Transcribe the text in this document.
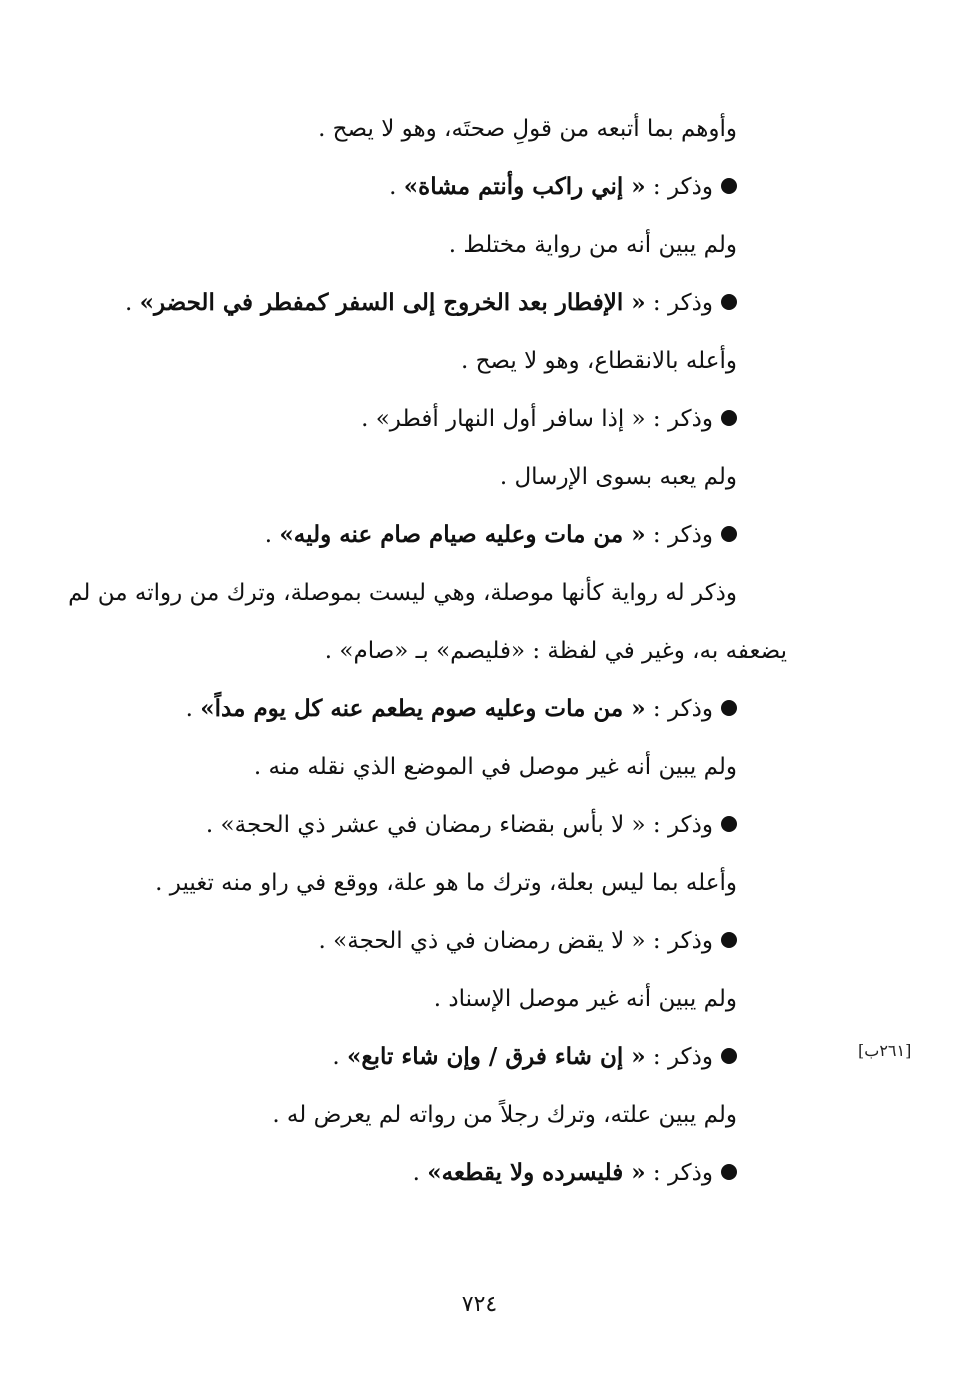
وأوهم بما أتبعه من قولِ صحتَه، وهو لا يصح .
وذكر : « إني راكب وأنتم مشاة» .
ولم يبين أنه من رواية مختلط .
وذكر : « الإفطار بعد الخروج إلى السفر كمفطر في الحضر» .
وأعله بالانقطاع، وهو لا يصح .
وذكر : « إذا سافر أول النهار أفطر» .
ولم يعبه بسوى الإرسال .
وذكر : « من مات وعليه صيام صام عنه وليه» .
وذكر له رواية كأنها موصلة، وهي ليست بموصلة، وترك من رواته من لم
يضعفه به، وغير في لفظة : «فليصم» بـ «صام» .
وذكر : « من مات وعليه صوم يطعم عنه كل يوم مداً» .
ولم يبين أنه غير موصل في الموضع الذي نقله منه .
وذكر : « لا بأس بقضاء رمضان في عشر ذي الحجة» .
وأعله بما ليس بعلة، وترك ما هو علة، ووقع في راو منه تغيير .
وذكر : « لا يقض رمضان في ذي الحجة» .
ولم يبين أنه غير موصل الإسناد .
وذكر : « إن شاء فرق / وإن شاء تابع» .
ولم يبين علته، وترك رجلاً من رواته لم يعرض له .
وذكر : « فليسرده ولا يقطعه» .
[٢٦١ب]
٧٢٤
